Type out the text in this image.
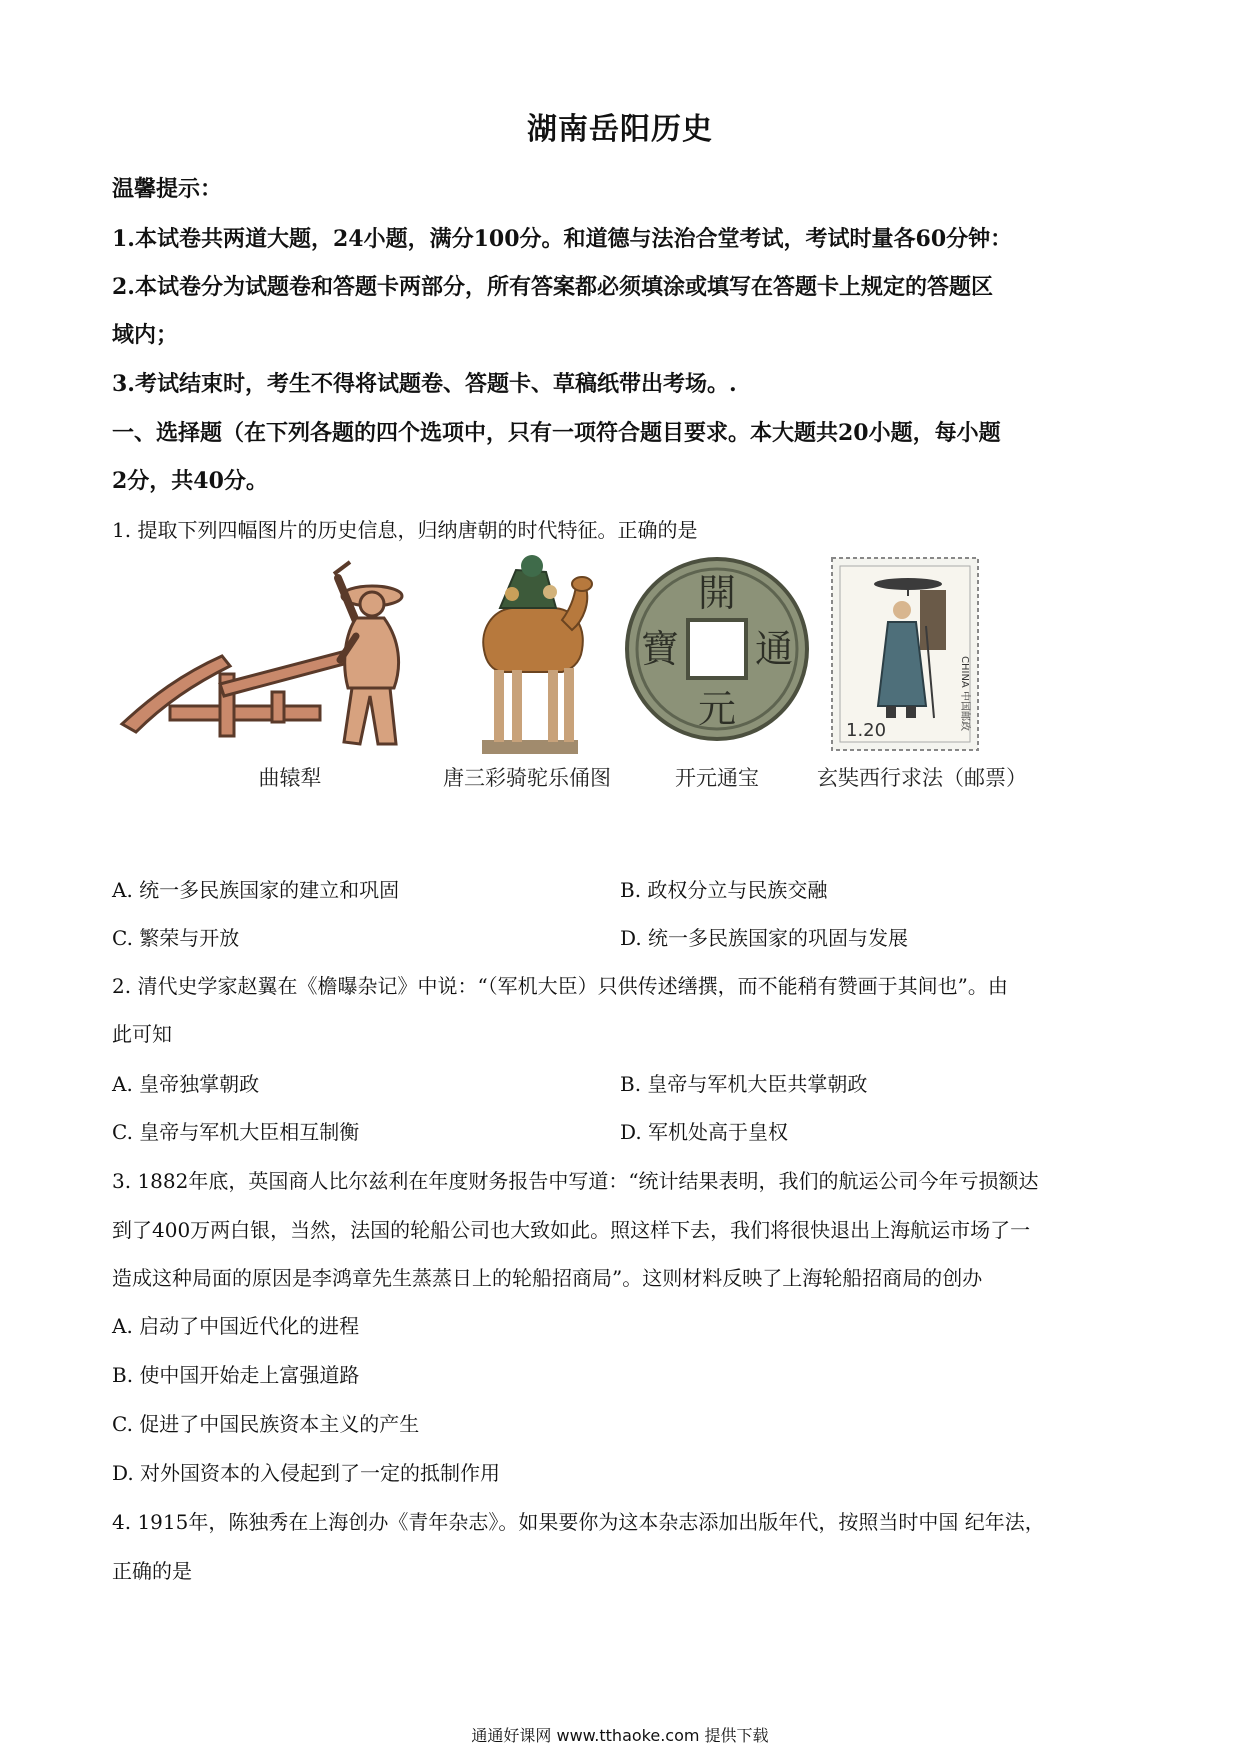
湖南岳阳历史
温馨提示：
1.本试卷共两道大题，24小题，满分100分。和道德与法治合堂考试，考试时量各60分钟：
2.本试卷分为试题卷和答题卡两部分，所有答案都必须填涂或填写在答题卡上规定的答题区
域内；
3.考试结束时，考生不得将试题卷、答题卡、草稿纸带出考场。.
一、选择题（在下列各题的四个选项中，只有一项符合题目要求。本大题共20小题，每小题
2分，共40分。
1. 提取下列四幅图片的历史信息，归纳唐朝的时代特征。正确的是
曲辕犁	唐三彩骑驼乐俑图
開
通
元
寶
开元通宝
1.20	CHINA 中国邮政
玄奘西行求法（邮票）
A. 统一多民族国家的建立和巩固	B. 政权分立与民族交融
C. 繁荣与开放	D. 统一多民族国家的巩固与发展
2. 清代史学家赵翼在《檐曝杂记》中说：“（军机大臣）只供传述缮撰，而不能稍有赞画于其间也”。由
此可知
A. 皇帝独掌朝政	B. 皇帝与军机大臣共掌朝政
C. 皇帝与军机大臣相互制衡	D. 军机处高于皇权
3. 1882年底，英国商人比尔兹利在年度财务报告中写道：“统计结果表明，我们的航运公司今年亏损额达
到了400万两白银，当然，法国的轮船公司也大致如此。照这样下去，我们将很快退出上海航运市场了一
造成这种局面的原因是李鸿章先生蒸蒸日上的轮船招商局”。这则材料反映了上海轮船招商局的创办
A. 启动了中国近代化的进程
B. 使中国开始走上富强道路
C. 促进了中国民族资本主义的产生
D. 对外国资本的入侵起到了一定的抵制作用
4. 1915年，陈独秀在上海创办《青年杂志》。如果要你为这本杂志添加出版年代，按照当时中国 纪年法，
正确的是
通通好课网 www.tthaoke.com 提供下载
